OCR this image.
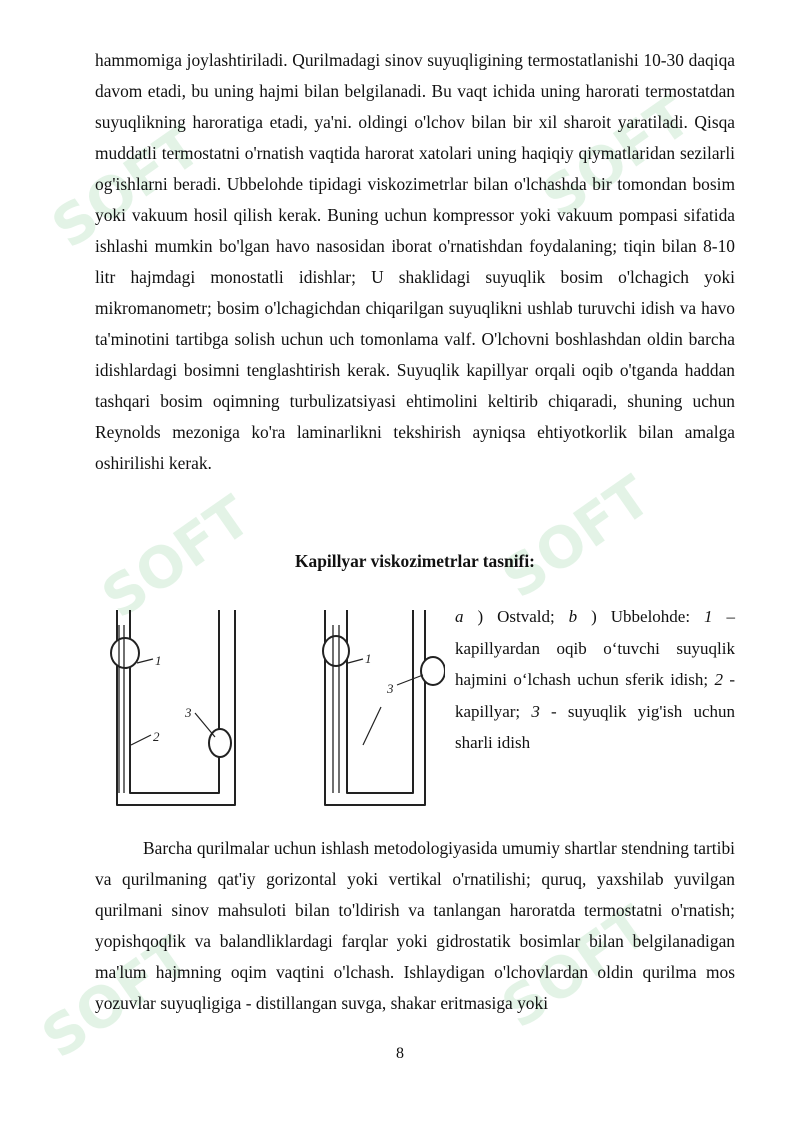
SOFT	SOFT
SOFT	SOFT
SOFT	SOFT

hammomiga joylashtiriladi. Qurilmadagi sinov suyuqligining termostatlanishi 10-30 daqiqa davom etadi, bu uning hajmi bilan belgilanadi. Bu vaqt ichida uning harorati termostatdan suyuqlikning haroratiga etadi, ya'ni. oldingi o'lchov bilan bir xil sharoit yaratiladi. Qisqa muddatli termostatni o'rnatish vaqtida harorat xatolari uning haqiqiy qiymatlaridan sezilarli og'ishlarni beradi. Ubbelohde tipidagi viskozimetrlar bilan o'lchashda bir tomondan bosim yoki vakuum hosil qilish kerak. Buning uchun kompressor yoki vakuum pompasi sifatida ishlashi mumkin bo'lgan havo nasosidan iborat o'rnatishdan foydalaning; tiqin bilan 8-10 litr hajmdagi monostatli idishlar; U shaklidagi suyuqlik bosim o'lchagich yoki mikromanometr; bosim o'lchagichdan chiqarilgan suyuqlikni ushlab turuvchi idish va havo ta'minotini tartibga solish uchun uch tomonlama valf. O'lchovni boshlashdan oldin barcha idishlardagi bosimni tenglashtirish kerak. Suyuqlik kapillyar orqali oqib o'tganda haddan tashqari bosim oqimning turbulizatsiyasi ehtimolini keltirib chiqaradi, shuning uchun Reynolds mezoniga ko'ra laminarlikni tekshirish ayniqsa ehtiyotkorlik bilan amalga oshirilishi kerak.

Kapillyar viskozimetrlar tasnifi:
1
2
3
1
3

a ) Ostvald; b ) Ubbelohde: 1 – kapillyardan oqib o‘tuvchi suyuqlik hajmini o‘lchash uchun sferik idish; 2 - kapillyar; 3 - suyuqlik yig'ish uchun sharli idish

Barcha qurilmalar uchun ishlash metodologiyasida umumiy shartlar stendning tartibi va qurilmaning qat'iy gorizontal yoki vertikal o'rnatilishi; quruq, yaxshilab yuvilgan qurilmani sinov mahsuloti bilan to'ldirish va tanlangan haroratda termostatni o'rnatish; yopishqoqlik va balandliklardagi farqlar yoki gidrostatik bosimlar bilan belgilanadigan ma'lum hajmning oqim vaqtini o'lchash. Ishlaydigan o'lchovlardan oldin qurilma mos yozuvlar suyuqligiga - distillangan suvga, shakar eritmasiga yoki

8
